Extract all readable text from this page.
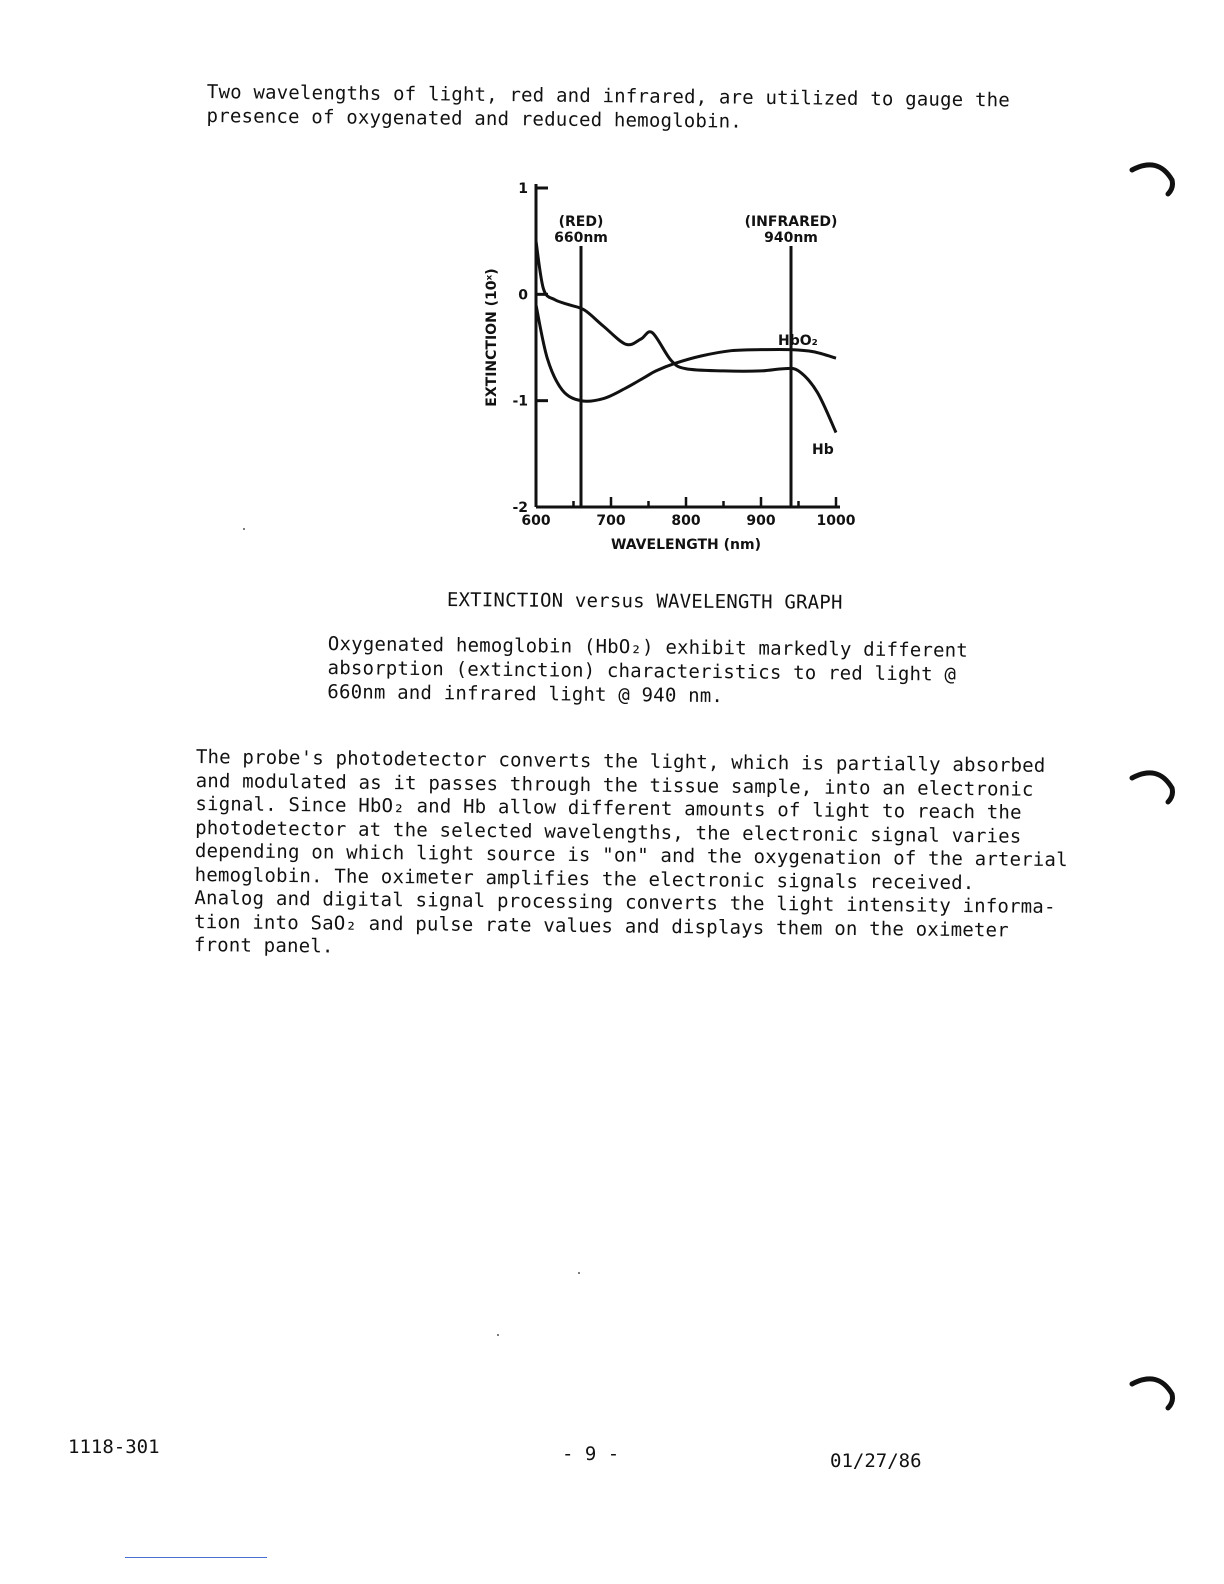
Two wavelengths of light, red and infrared, are utilized to gauge the
presence of oxygenated and reduced hemoglobin.

1
0
-1
-2
600	700	800	900	1000
(RED)
660nm
(INFRARED)
940nm
HbO₂
Hb
WAVELENGTH (nm)
EXTINCTION (10ˣ)

EXTINCTION versus WAVELENGTH GRAPH

Oxygenated hemoglobin (HbO₂) exhibit markedly different
absorption (extinction) characteristics to red light @
660nm and infrared light @ 940 nm.

The probe's photodetector converts the light, which is partially absorbed
and modulated as it passes through the tissue sample, into an electronic
signal. Since HbO₂ and Hb allow different amounts of light to reach the
photodetector at the selected wavelengths, the electronic signal varies
depending on which light source is "on" and the oxygenation of the arterial
hemoglobin. The oximeter amplifies the electronic signals received.
Analog and digital signal processing converts the light intensity informa-
tion into SaO₂ and pulse rate values and displays them on the oximeter
front panel.

1118-301	- 9 -	01/27/86
